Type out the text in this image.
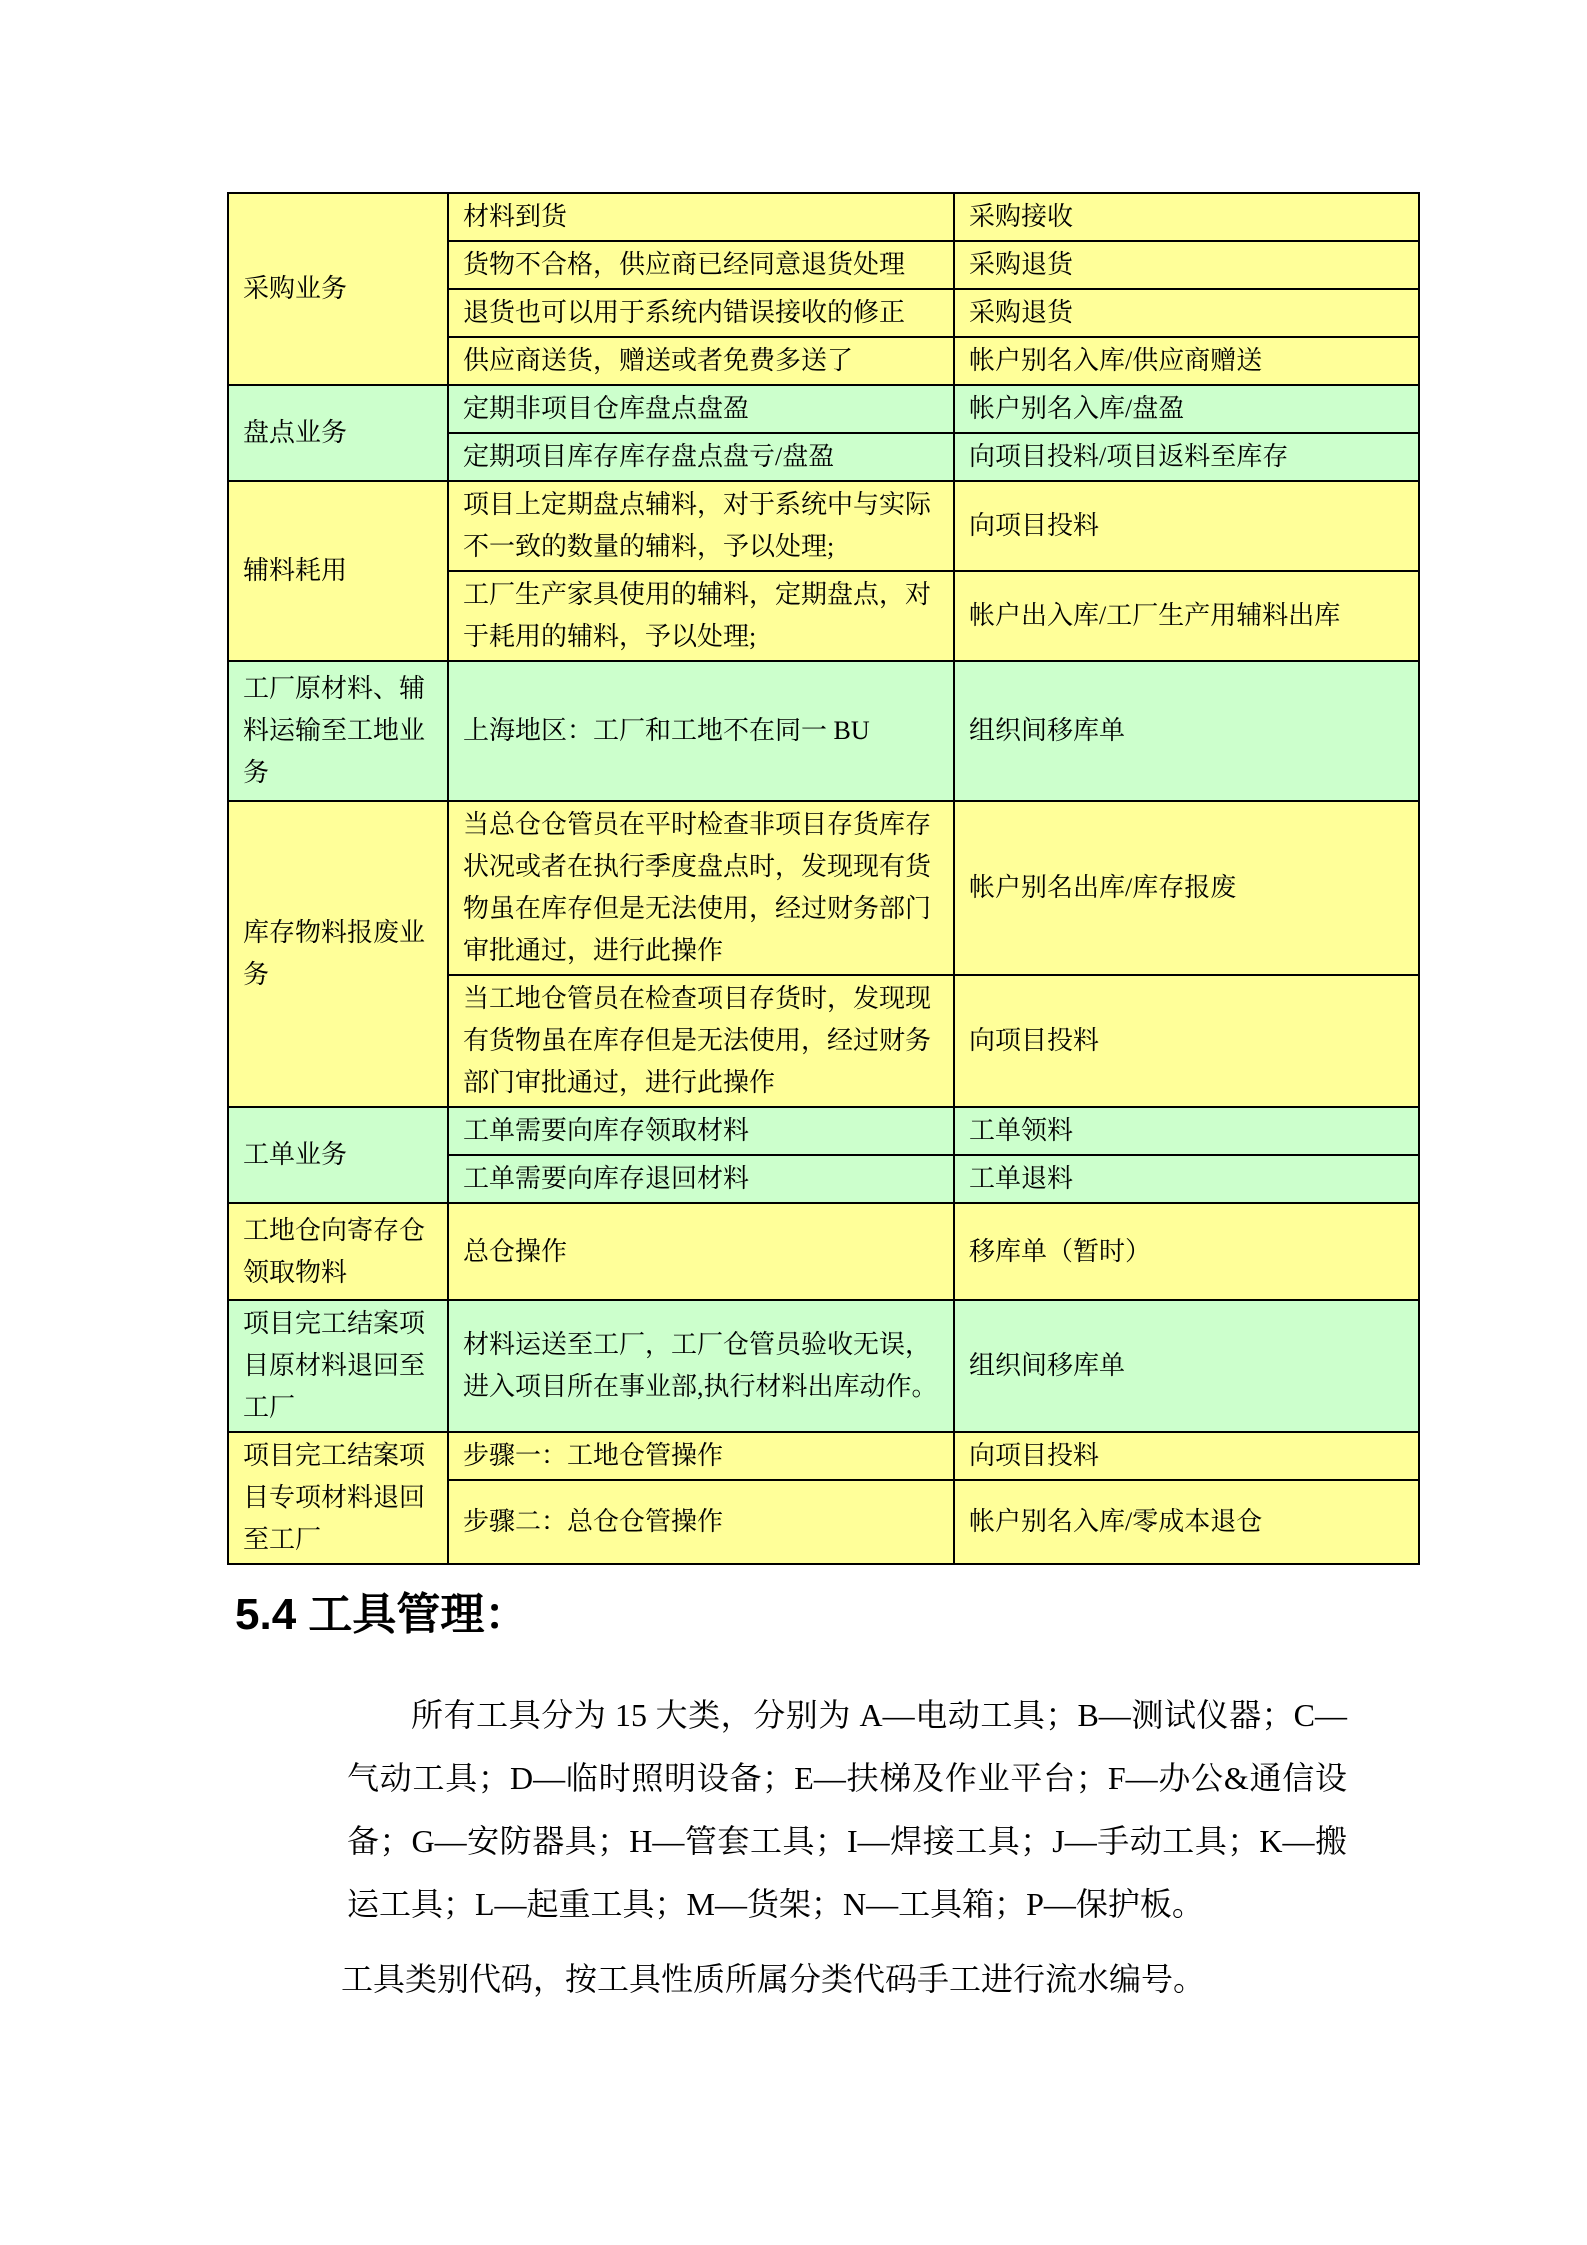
采购业务	材料到货	采购接收
	货物不合格，供应商已经同意退货处理	采购退货
	退货也可以用于系统内错误接收的修正	采购退货
	供应商送货，赠送或者免费多送了	帐户别名入库/供应商赠送
盘点业务	定期非项目仓库盘点盘盈	帐户别名入库/盘盈
	定期项目库存库存盘点盘亏/盘盈	向项目投料/项目返料至库存
辅料耗用	项目上定期盘点辅料，对于系统中与实际不一致的数量的辅料，予以处理;	向项目投料
	工厂生产家具使用的辅料，定期盘点，对于耗用的辅料，予以处理;	帐户出入库/工厂生产用辅料出库
工厂原材料、辅料运输至工地业务	上海地区：工厂和工地不在同一 BU	组织间移库单
库存物料报废业务	当总仓仓管员在平时检查非项目存货库存状况或者在执行季度盘点时，发现现有货物虽在库存但是无法使用，经过财务部门审批通过，进行此操作	帐户别名出库/库存报废
	当工地仓管员在检查项目存货时，发现现有货物虽在库存但是无法使用，经过财务部门审批通过，进行此操作	向项目投料
工单业务	工单需要向库存领取材料	工单领料
	工单需要向库存退回材料	工单退料
工地仓向寄存仓领取物料	总仓操作	移库单（暂时）
项目完工结案项目原材料退回至工厂	材料运送至工厂，工厂仓管员验收无误，进入项目所在事业部,执行材料出库动作。	组织间移库单
项目完工结案项目专项材料退回至工厂	步骤一：工地仓管操作	向项目投料
	步骤二：总仓仓管操作	帐户别名入库/零成本退仓
5.4 工具管理：

所有工具分为 15 大类，分别为 A—电动工具；B—测试仪器；C—气动工具；D—临时照明设备；E—扶梯及作业平台；F—办公&通信设备；G—安防器具；H—管套工具；I—焊接工具；J—手动工具；K—搬运工具；L—起重工具；M—货架；N—工具箱；P—保护板。

工具类别代码，按工具性质所属分类代码手工进行流水编号。
